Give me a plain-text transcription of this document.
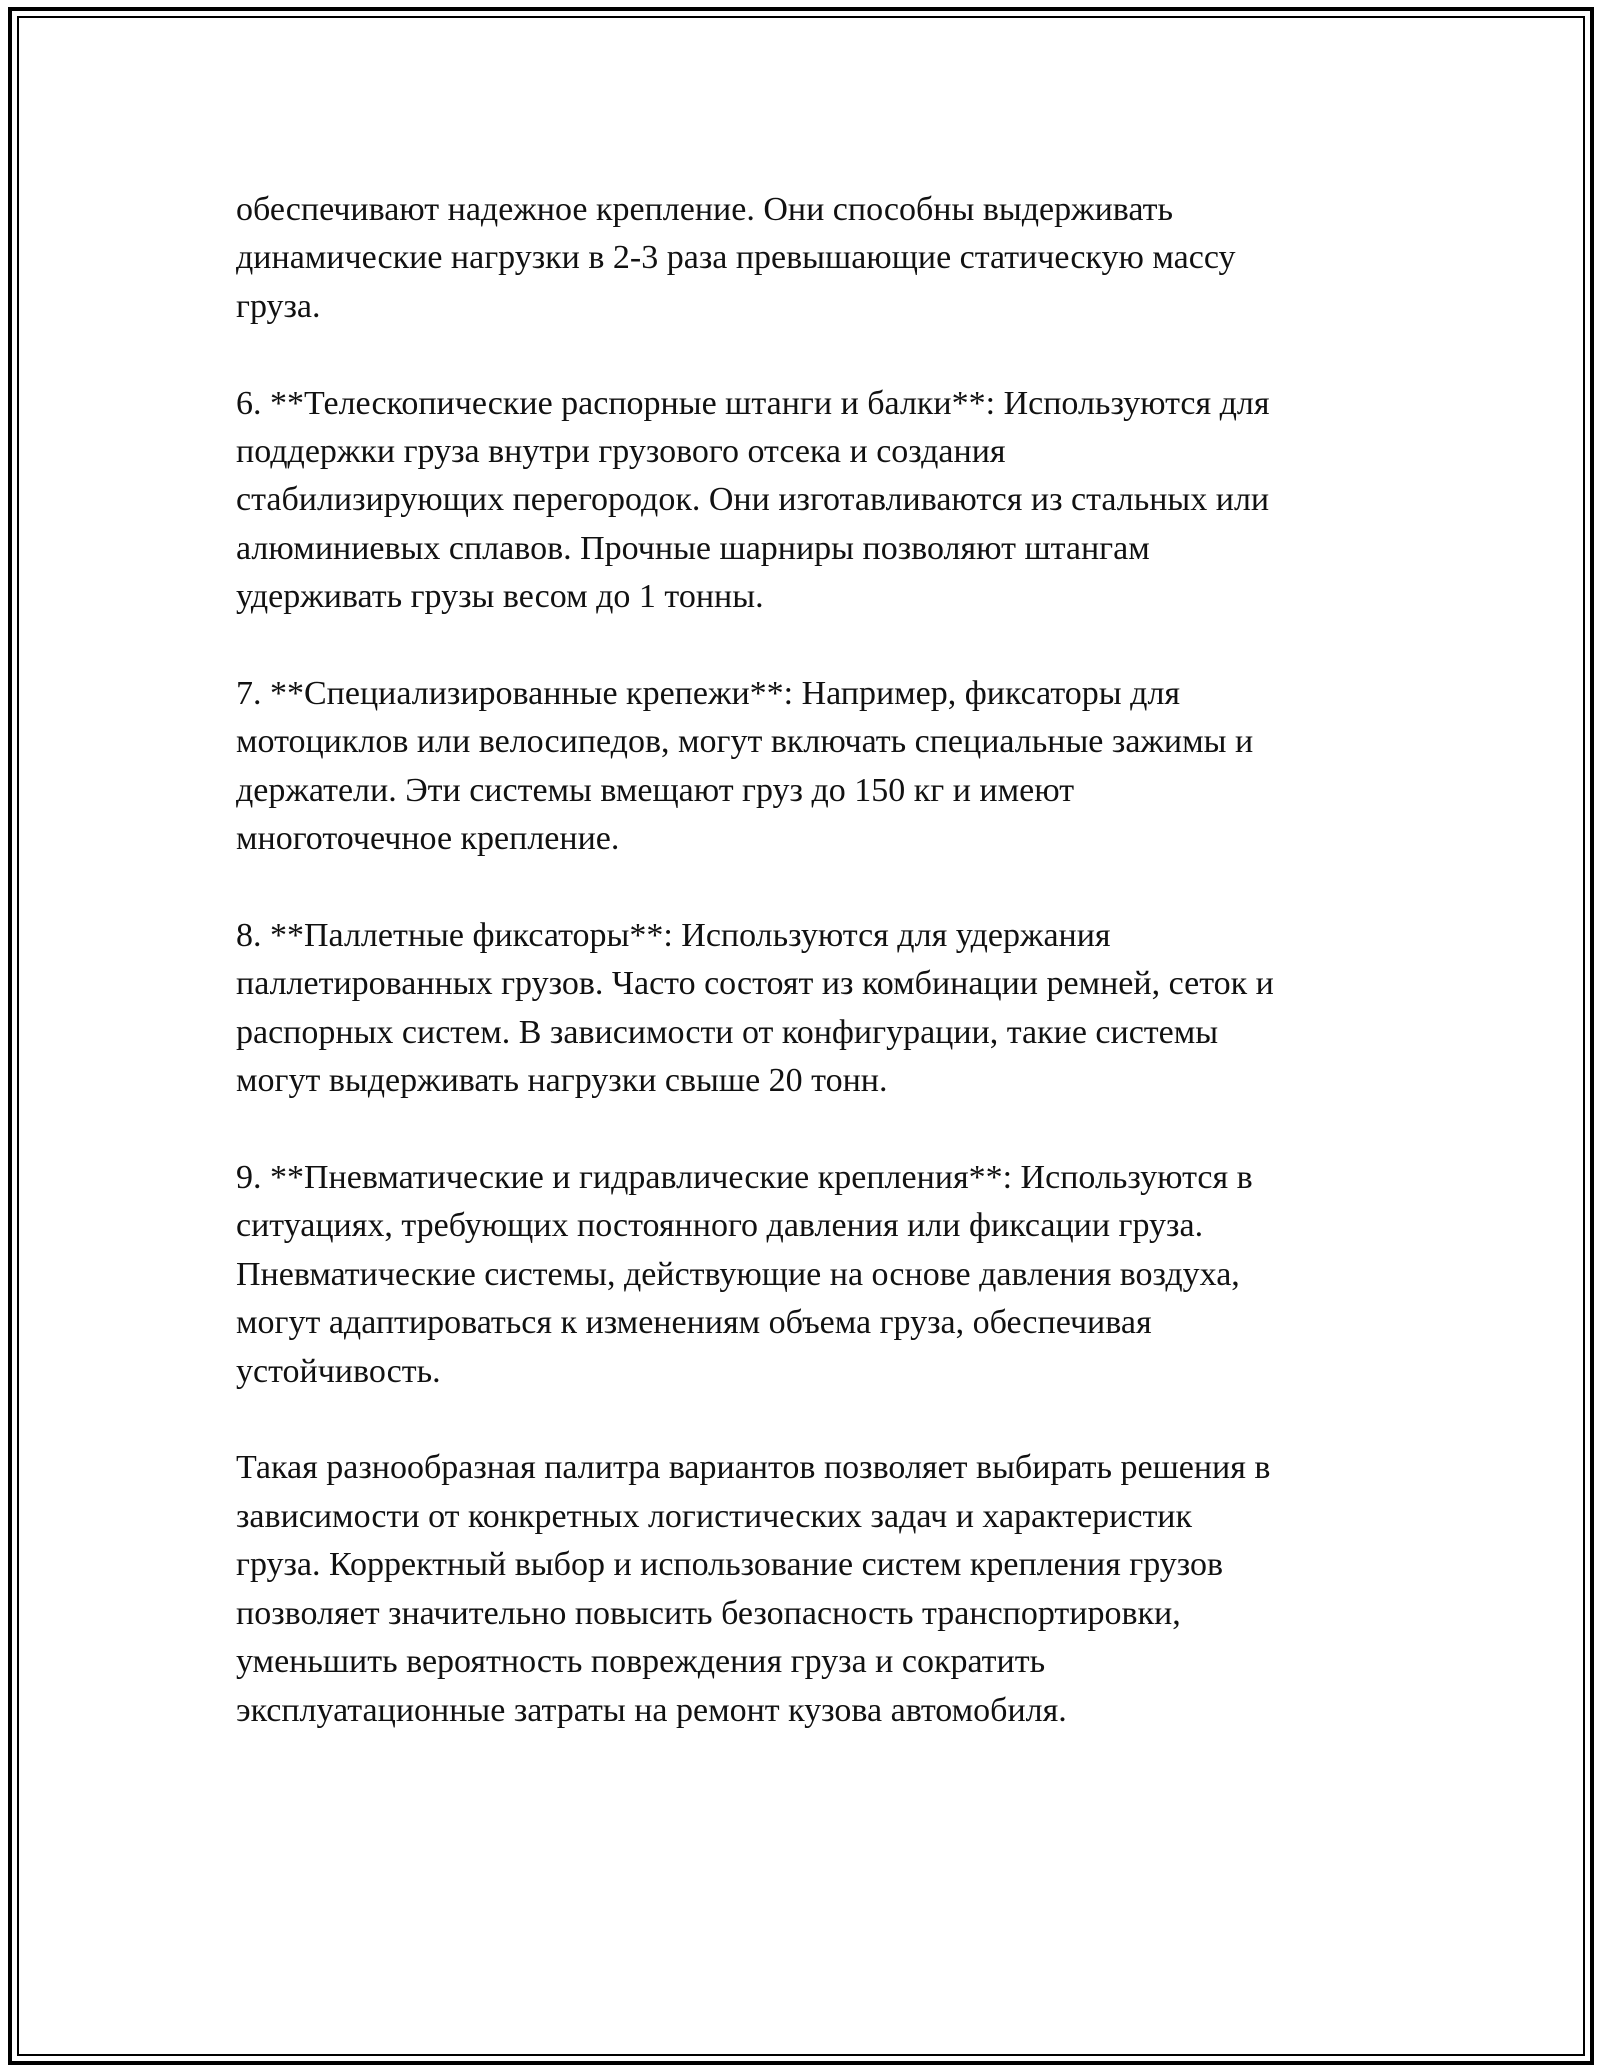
обеспечивают надежное крепление. Они способны выдерживать
динамические нагрузки в 2-3 раза превышающие статическую массу
груза.

6. **Телескопические распорные штанги и балки**: Используются для
поддержки груза внутри грузового отсека и создания
стабилизирующих перегородок. Они изготавливаются из стальных или
алюминиевых сплавов. Прочные шарниры позволяют штангам
удерживать грузы весом до 1 тонны.

7. **Специализированные крепежи**: Например, фиксаторы для
мотоциклов или велосипедов, могут включать специальные зажимы и
держатели. Эти системы вмещают груз до 150 кг и имеют
многоточечное крепление.

8. **Паллетные фиксаторы**: Используются для удержания
паллетированных грузов. Часто состоят из комбинации ремней, сеток и
распорных систем. В зависимости от конфигурации, такие системы
могут выдерживать нагрузки свыше 20 тонн.

9. **Пневматические и гидравлические крепления**: Используются в
ситуациях, требующих постоянного давления или фиксации груза.
Пневматические системы, действующие на основе давления воздуха,
могут адаптироваться к изменениям объема груза, обеспечивая
устойчивость.

Такая разнообразная палитра вариантов позволяет выбирать решения в
зависимости от конкретных логистических задач и характеристик
груза. Корректный выбор и использование систем крепления грузов
позволяет значительно повысить безопасность транспортировки,
уменьшить вероятность повреждения груза и сократить
эксплуатационные затраты на ремонт кузова автомобиля.
